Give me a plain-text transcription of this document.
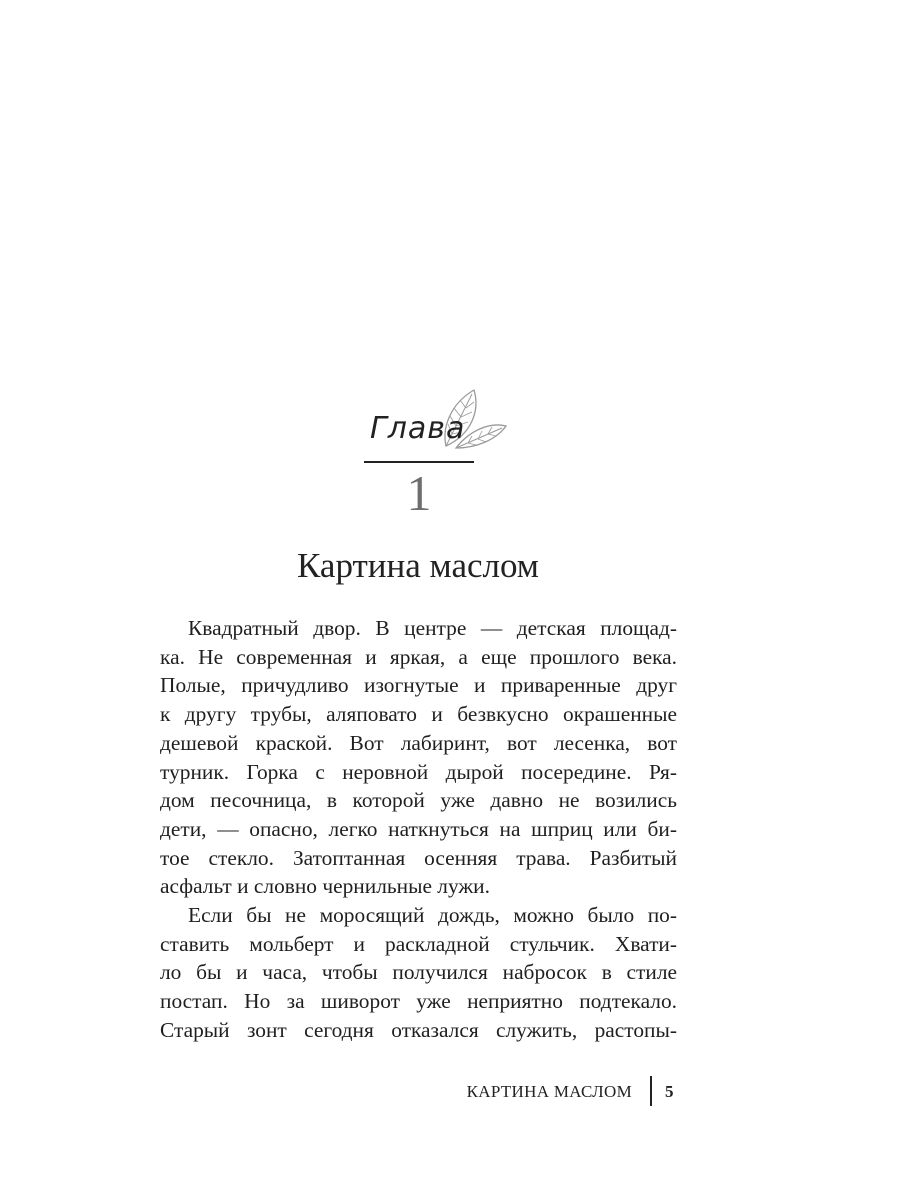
Глава
1
Картина маслом
Квадратный двор. В центре — детская площад-
ка. Не современная и яркая, а еще прошлого века.
Полые, причудливо изогнутые и приваренные друг
к другу трубы, аляповато и безвкусно окрашенные
дешевой краской. Вот лабиринт, вот лесенка, вот
турник. Горка с неровной дырой посередине. Ря-
дом песочница, в которой уже давно не возились
дети, — опасно, легко наткнуться на шприц или би-
тое стекло. Затоптанная осенняя трава. Разбитый
асфальт и словно чернильные лужи.
Если бы не моросящий дождь, можно было по-
ставить мольберт и раскладной стульчик. Хвати-
ло бы и часа, чтобы получился набросок в стиле
постап. Но за шиворот уже неприятно подтекало.
Старый зонт сегодня отказался служить, растопы-
КАРТИНА МАСЛОМ 5
